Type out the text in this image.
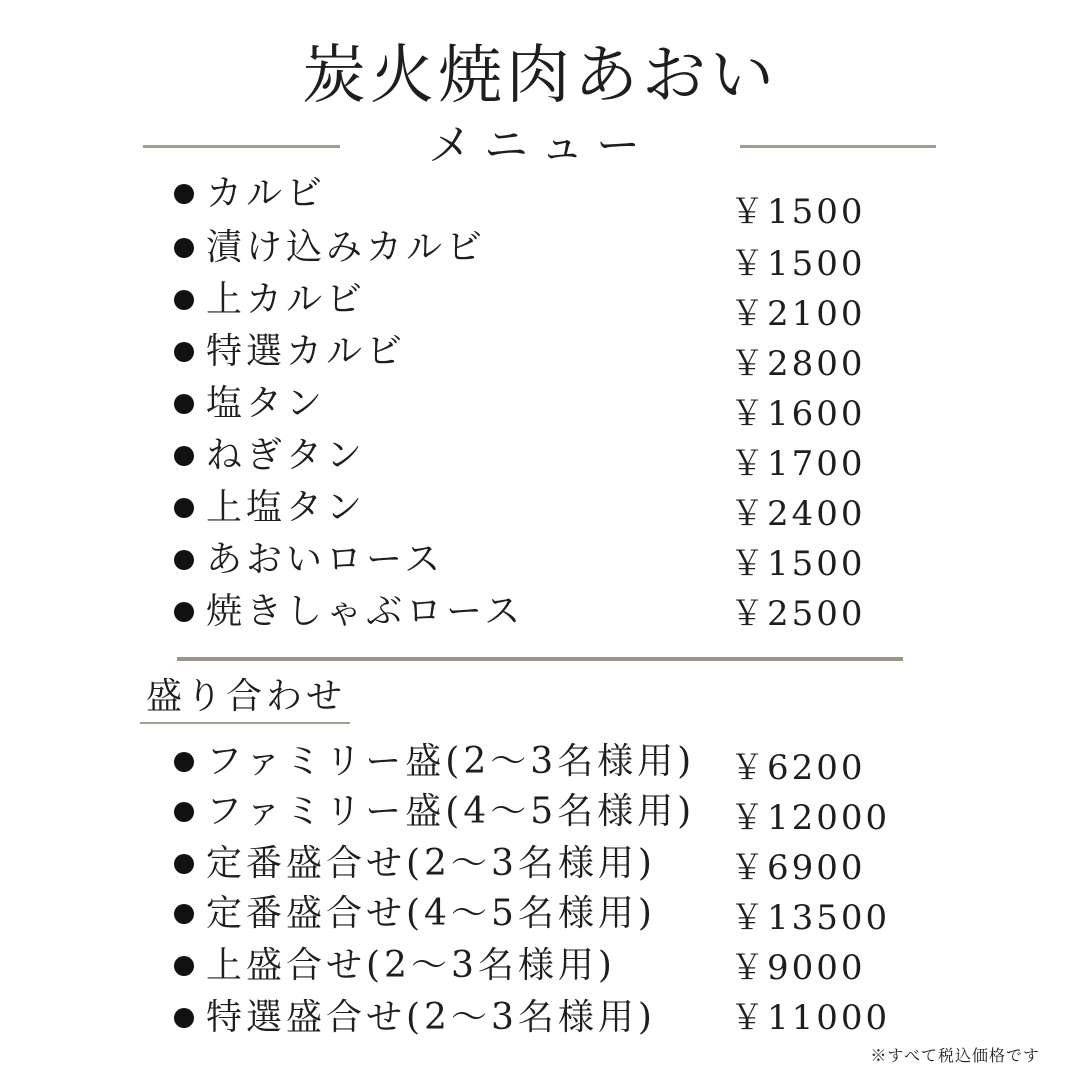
炭火焼肉あおい
メニュー
カルビ	￥1500
漬け込みカルビ	￥1500
上カルビ	￥2100
特選カルビ	￥2800
塩タン	￥1600
ねぎタン	￥1700
上塩タン	￥2400
あおいロース	￥1500
焼きしゃぶロース	￥2500
盛り合わせ
ファミリー盛(2〜3名様用) ￥6200
ファミリー盛(4〜5名様用) ￥12000
定番盛合せ(2〜3名様用) ￥6900
定番盛合せ(4〜5名様用) ￥13500
上盛合せ(2〜3名様用)	￥9000
特選盛合せ(2〜3名様用) ￥11000
※すべて税込価格です
